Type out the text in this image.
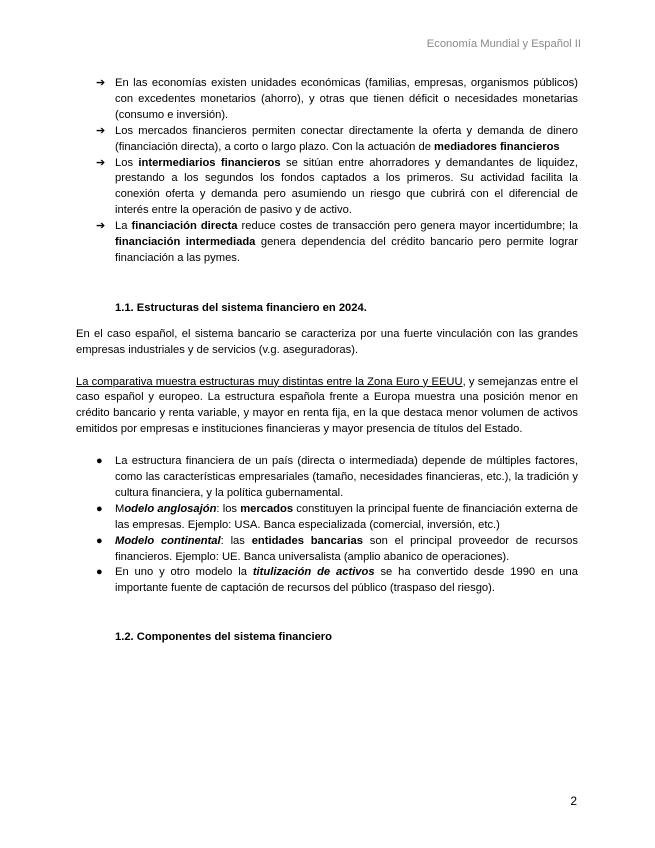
Economía Mundial y Español II
➔ En las economías existen unidades económicas (familias, empresas, organismos públicos) con excedentes monetarios (ahorro), y otras que tienen déficit o necesidades monetarias (consumo e inversión).
➔ Los mercados financieros permiten conectar directamente la oferta y demanda de dinero (financiación directa), a corto o largo plazo. Con la actuación de mediadores financieros
➔ Los intermediarios financieros se sitúan entre ahorradores y demandantes de liquidez, prestando a los segundos los fondos captados a los primeros. Su actividad facilita la conexión oferta y demanda pero asumiendo un riesgo que cubrirá con el diferencial de interés entre la operación de pasivo y de activo.
➔ La financiación directa reduce costes de transacción pero genera mayor incertidumbre; la financiación intermediada genera dependencia del crédito bancario pero permite lograr financiación a las pymes.
1.1. Estructuras del sistema financiero en 2024.

En el caso español, el sistema bancario se caracteriza por una fuerte vinculación con las grandes empresas industriales y de servicios (v.g. aseguradoras).

La comparativa muestra estructuras muy distintas entre la Zona Euro y EEUU, y semejanzas entre el caso español y europeo. La estructura española frente a Europa muestra una posición menor en crédito bancario y renta variable, y mayor en renta fija, en la que destaca menor volumen de activos emitidos por empresas e instituciones financieras y mayor presencia de títulos del Estado.

● La estructura financiera de un país (directa o intermediada) depende de múltiples factores, como las características empresariales (tamaño, necesidades financieras, etc.), la tradición y cultura financiera, y la política gubernamental.
● Modelo anglosajón: los mercados constituyen la principal fuente de financiación externa de las empresas. Ejemplo: USA. Banca especializada (comercial, inversión, etc.)
● Modelo continental: las entidades bancarias son el principal proveedor de recursos financieros. Ejemplo: UE. Banca universalista (amplio abanico de operaciones).
● En uno y otro modelo la titulización de activos se ha convertido desde 1990 en una importante fuente de captación de recursos del público (traspaso del riesgo).
1.2. Componentes del sistema financiero
2
